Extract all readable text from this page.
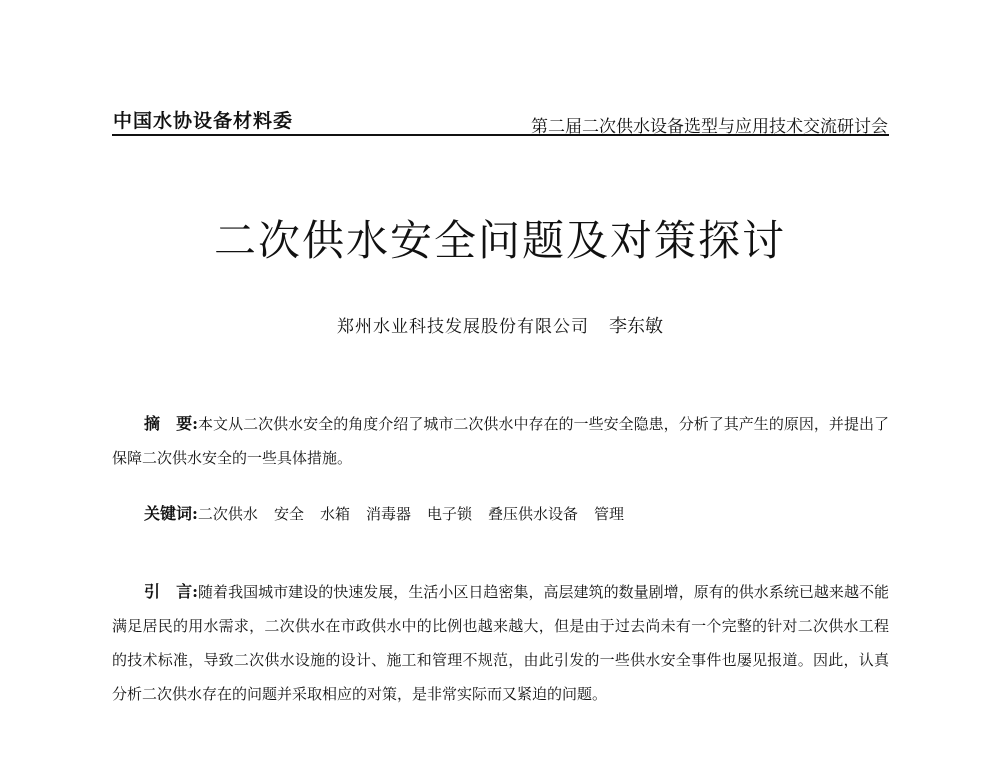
中国水协设备材料委	第二届二次供水设备选型与应用技术交流研讨会
二次供水安全问题及对策探讨
郑州水业科技发展股份有限公司 李东敏

摘　要:本文从二次供水安全的角度介绍了城市二次供水中存在的一些安全隐患，分析了其产生的原因，并提出了保障二次供水安全的一些具体措施。

关键词:二次供水 安全 水箱 消毒器 电子锁 叠压供水设备 管理

引　言:随着我国城市建设的快速发展，生活小区日趋密集，高层建筑的数量剧增，原有的供水系统已越来越不能满足居民的用水需求，二次供水在市政供水中的比例也越来越大，但是由于过去尚未有一个完整的针对二次供水工程的技术标准，导致二次供水设施的设计、施工和管理不规范，由此引发的一些供水安全事件也屡见报道。因此，认真分析二次供水存在的问题并采取相应的对策，是非常实际而又紧迫的问题。
